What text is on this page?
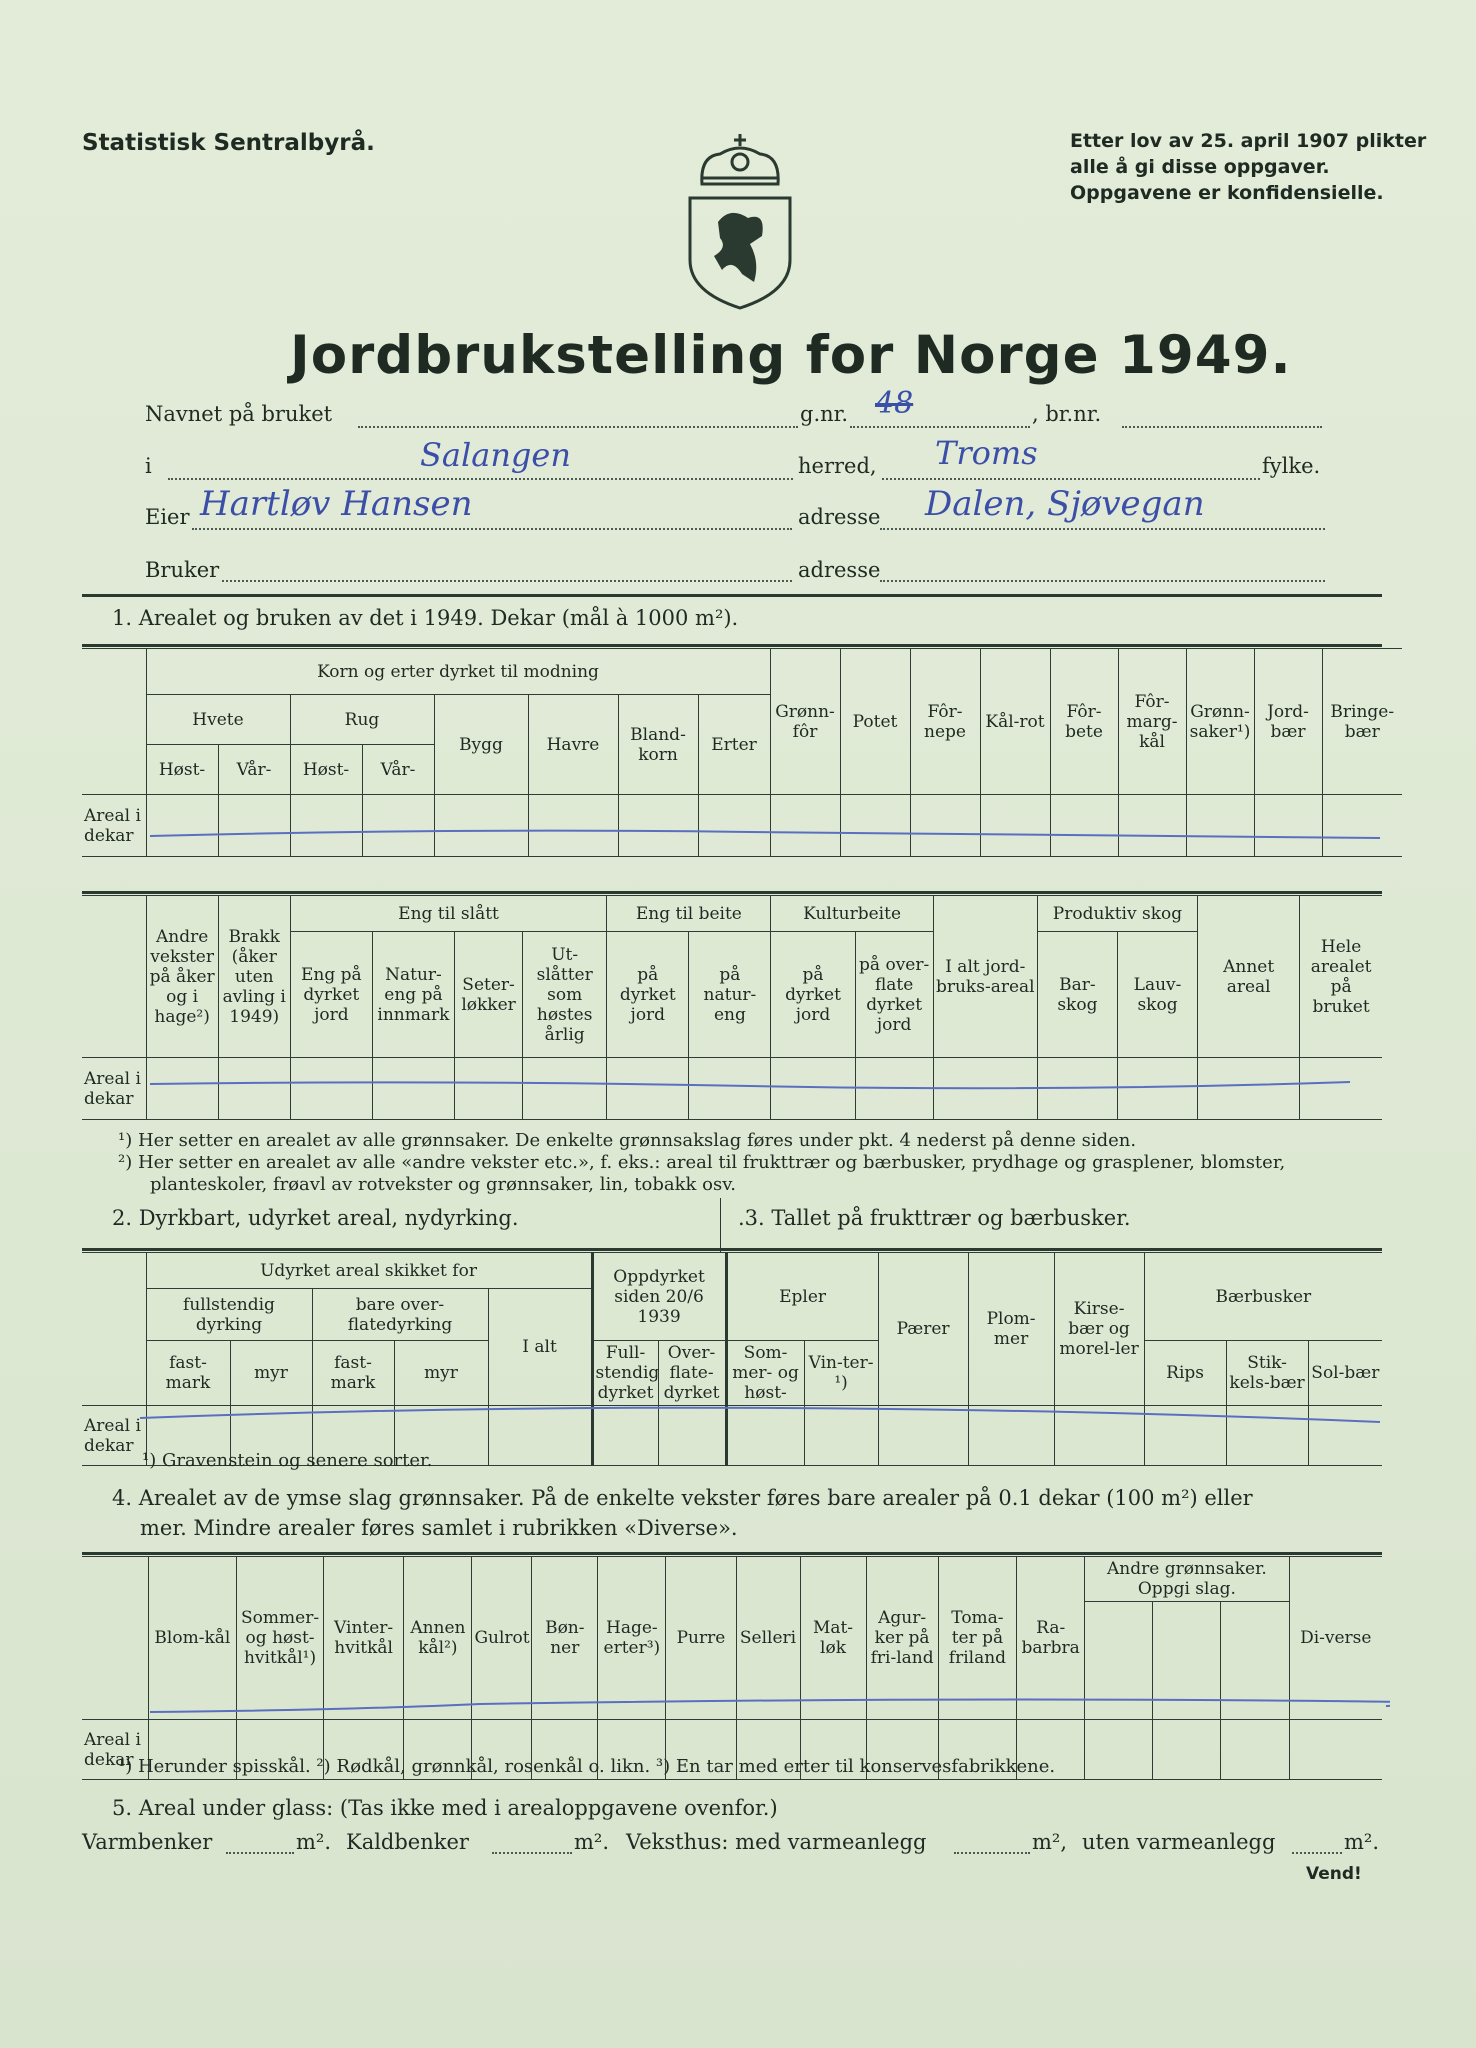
Statistisk Sentralbyrå.	Etter lov av 25. april 1907 plikter
alle å gi disse oppgaver.
Oppgavene er konfidensielle.
Jordbrukstelling for Norge 1949.
Navnet på bruket	g.nr. 48	, br.nr.
i	Salangen	herred, Troms	fylke.
Eier Hartløv Hansen	adresse Dalen, Sjøvegan
Bruker	adresse
1. Arealet og bruken av det i 1949. Dekar (mål à 1000 m²).
	Korn og erter dyrket til modning								Grønn-fôr	Potet	Fôr-nepe	Kål-rot	Fôr-bete	Fôr-marg-kål	Grønn-saker¹)	Jord-bær	Bringe-bær
	Hvete		Rug		Bygg	Havre	Bland-korn	Erter									
	Høst-	Vår-	Høst-	Vår-													
Areal i dekar																	
	Andre vekster på åker og i hage²)	Brakk (åker uten avling i 1949)	Eng til slått				Eng til beite		Kulturbeite		I alt jord-bruks-areal	Produktiv skog		Annet areal	Hele arealet på bruket
			Eng på dyrket jord	Natur-eng på innmark	Seter-løkker	Ut-slåtter som høstes årlig	på dyrket jord	på natur-eng	på dyrket jord	på over-flate dyrket jord		Bar-skog	Lauv-skog		
Areal i dekar															
¹) Her setter en arealet av alle grønnsaker. De enkelte grønnsakslag føres under pkt. 4 nederst på denne siden.
²) Her setter en arealet av alle «andre vekster etc.», f. eks.: areal til frukttrær og bærbusker, prydhage og grasplener, blomster,
planteskoler, frøavl av rotvekster og grønnsaker, lin, tobakk osv.
2. Dyrkbart, udyrket areal, nydyrking.	.3. Tallet på frukttrær og bærbusker.
	Udyrket areal skikket for					Oppdyrket siden 20/6 1939		Epler		Pærer	Plom-mer	Kirse-bær og morel-ler	Bærbusker		
	fullstendig dyrking		bare over-flatedyrking		I alt										
	fast-mark	myr	fast-mark	myr		Full-stendig dyrket	Over-flate-dyrket	Som-mer- og høst-	Vin-ter-¹)				Rips	Stik-kels-bær	Sol-bær
Areal i dekar															
¹) Gravenstein og senere sorter.
4. Arealet av de ymse slag grønnsaker. På de enkelte vekster føres bare arealer på 0.1 dekar (100 m²) eller
mer. Mindre arealer føres samlet i rubrikken «Diverse».
	Blom-kål	Sommer-og høst-hvitkål¹)	Vinter-hvitkål	Annen kål²)	Gulrot	Bøn-ner	Hage-erter³)	Purre	Selleri	Mat-løk	Agur-ker på fri-land	Toma-ter på friland	Ra-barbra	Andre grønnsaker. Oppgi slag.			Di-verse

Areal i dekar																	
¹) Herunder spisskål. ²) Rødkål, grønnkål, rosenkål o. likn. ³) En tar med erter til konservesfabrikkene.
5. Areal under glass: (Tas ikke med i arealoppgavene ovenfor.)
Varmbenker	m². Kaldbenker	m². Veksthus: med varmeanlegg	m², uten varmeanlegg	m².
Vend!
